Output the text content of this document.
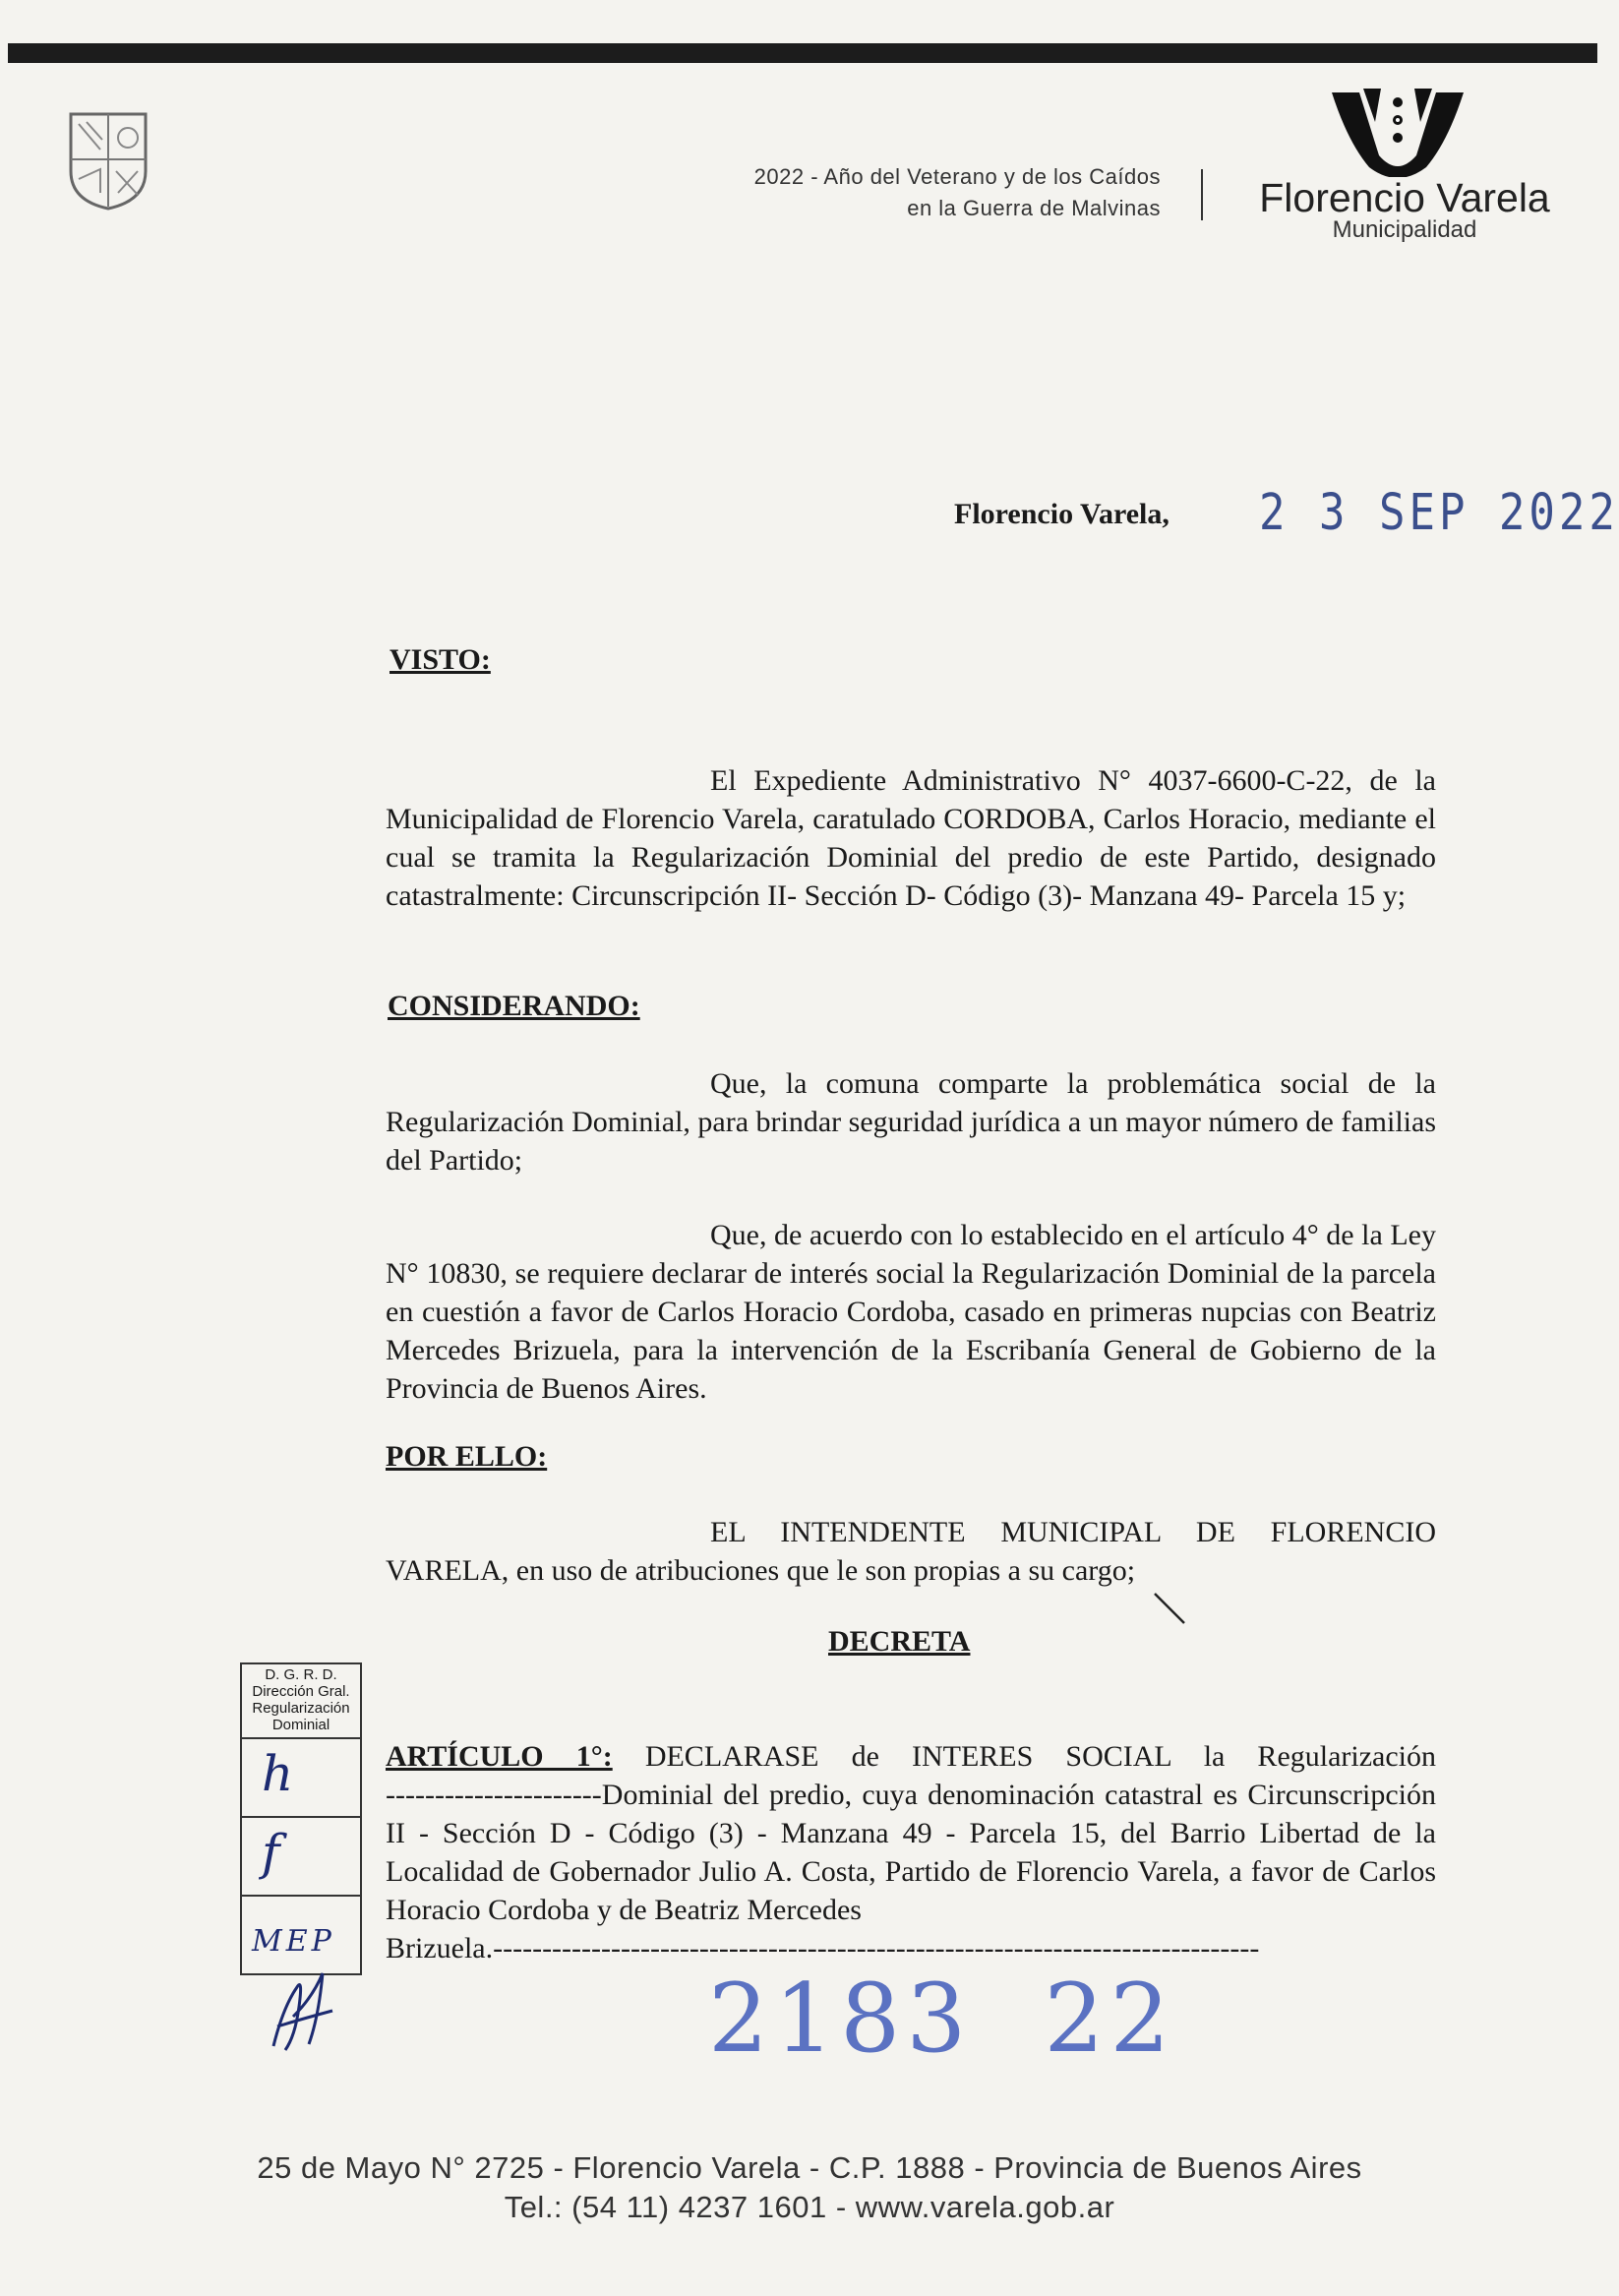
2022 - Año del Veterano y de los Caídos
en la Guerra de Malvinas Florencio Varela
Municipalidad
Florencio Varela, 2 3 SEP 2022
VISTO:
El Expediente Administrativo N° 4037-6600-C-22, de la Municipalidad de Florencio Varela, caratulado CORDOBA, Carlos Horacio, mediante el cual se tramita la Regularización Dominial del predio de este Partido, designado catastralmente: Circunscripción II- Sección D- Código (3)- Manzana 49- Parcela 15 y;
CONSIDERANDO:
Que, la comuna comparte la problemática social de la Regularización Dominial, para brindar seguridad jurídica a un mayor número de familias del Partido;
Que, de acuerdo con lo establecido en el artículo 4° de la Ley N° 10830, se requiere declarar de interés social la Regularización Dominial de la parcela en cuestión a favor de Carlos Horacio Cordoba, casado en primeras nupcias con Beatriz Mercedes Brizuela, para la intervención de la Escribanía General de Gobierno de la Provincia de Buenos Aires.
POR ELLO:
EL INTENDENTE MUNICIPAL DE FLORENCIO VARELA, en uso de atribuciones que le son propias a su cargo;
DECRETA
ARTÍCULO 1°: DECLARASE de INTERES SOCIAL la Regularización
----------------------Dominial del predio, cuya denominación catastral es Circunscripción II - Sección D - Código (3) - Manzana 49 - Parcela 15, del Barrio Libertad de la Localidad de Gobernador Julio A. Costa, Partido de Florencio Varela, a favor de Carlos Horacio Cordoba y de Beatriz Mercedes
Brizuela.------------------------------------------------------------------------------
D. G. R. D.
Dirección Gral.
Regularización
Dominial
h
f
MEP
2183  22
25 de Mayo N° 2725 - Florencio Varela - C.P. 1888 - Provincia de Buenos Aires
Tel.: (54 11) 4237 1601 - www.varela.gob.ar
